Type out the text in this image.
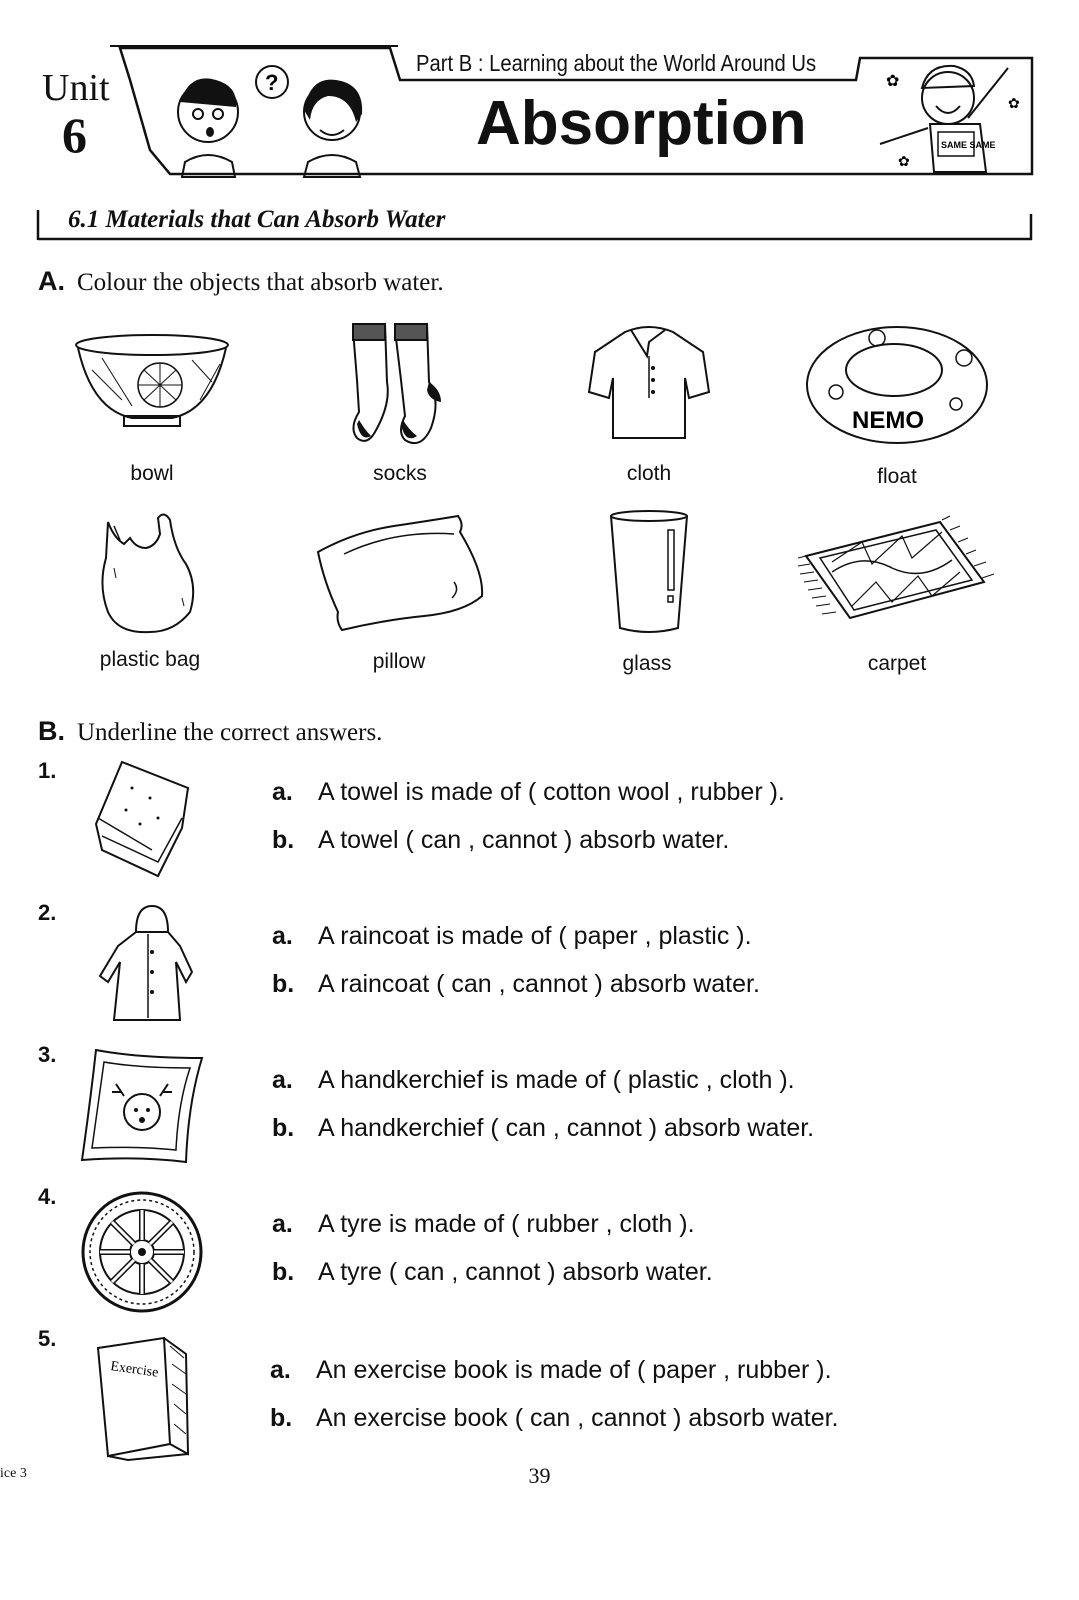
Unit
6
?
Part B : Learning about the World Around Us
Absorption	SAME SAME
✿
✿
✿
6.1 Materials that Can Absorb Water
A. Colour the objects that absorb water.
bowl	socks	cloth
NEMO
float
plastic bag	pillow	glass	carpet
B. Underline the correct answers.
1.
a. A towel is made of ( cotton wool , rubber ).
b. A towel ( can , cannot ) absorb water.
2.
a. A raincoat is made of ( paper , plastic ).
b. A raincoat ( can , cannot ) absorb water.
3.
a. A handkerchief is made of ( plastic , cloth ).
b. A handkerchief ( can , cannot ) absorb water.
4.
a. A tyre is made of ( rubber , cloth ).
b. A tyre ( can , cannot ) absorb water.
5.
Exercise	a. An exercise book is made of ( paper , rubber ).
b. An exercise book ( can , cannot ) absorb water.
ice 3	39
